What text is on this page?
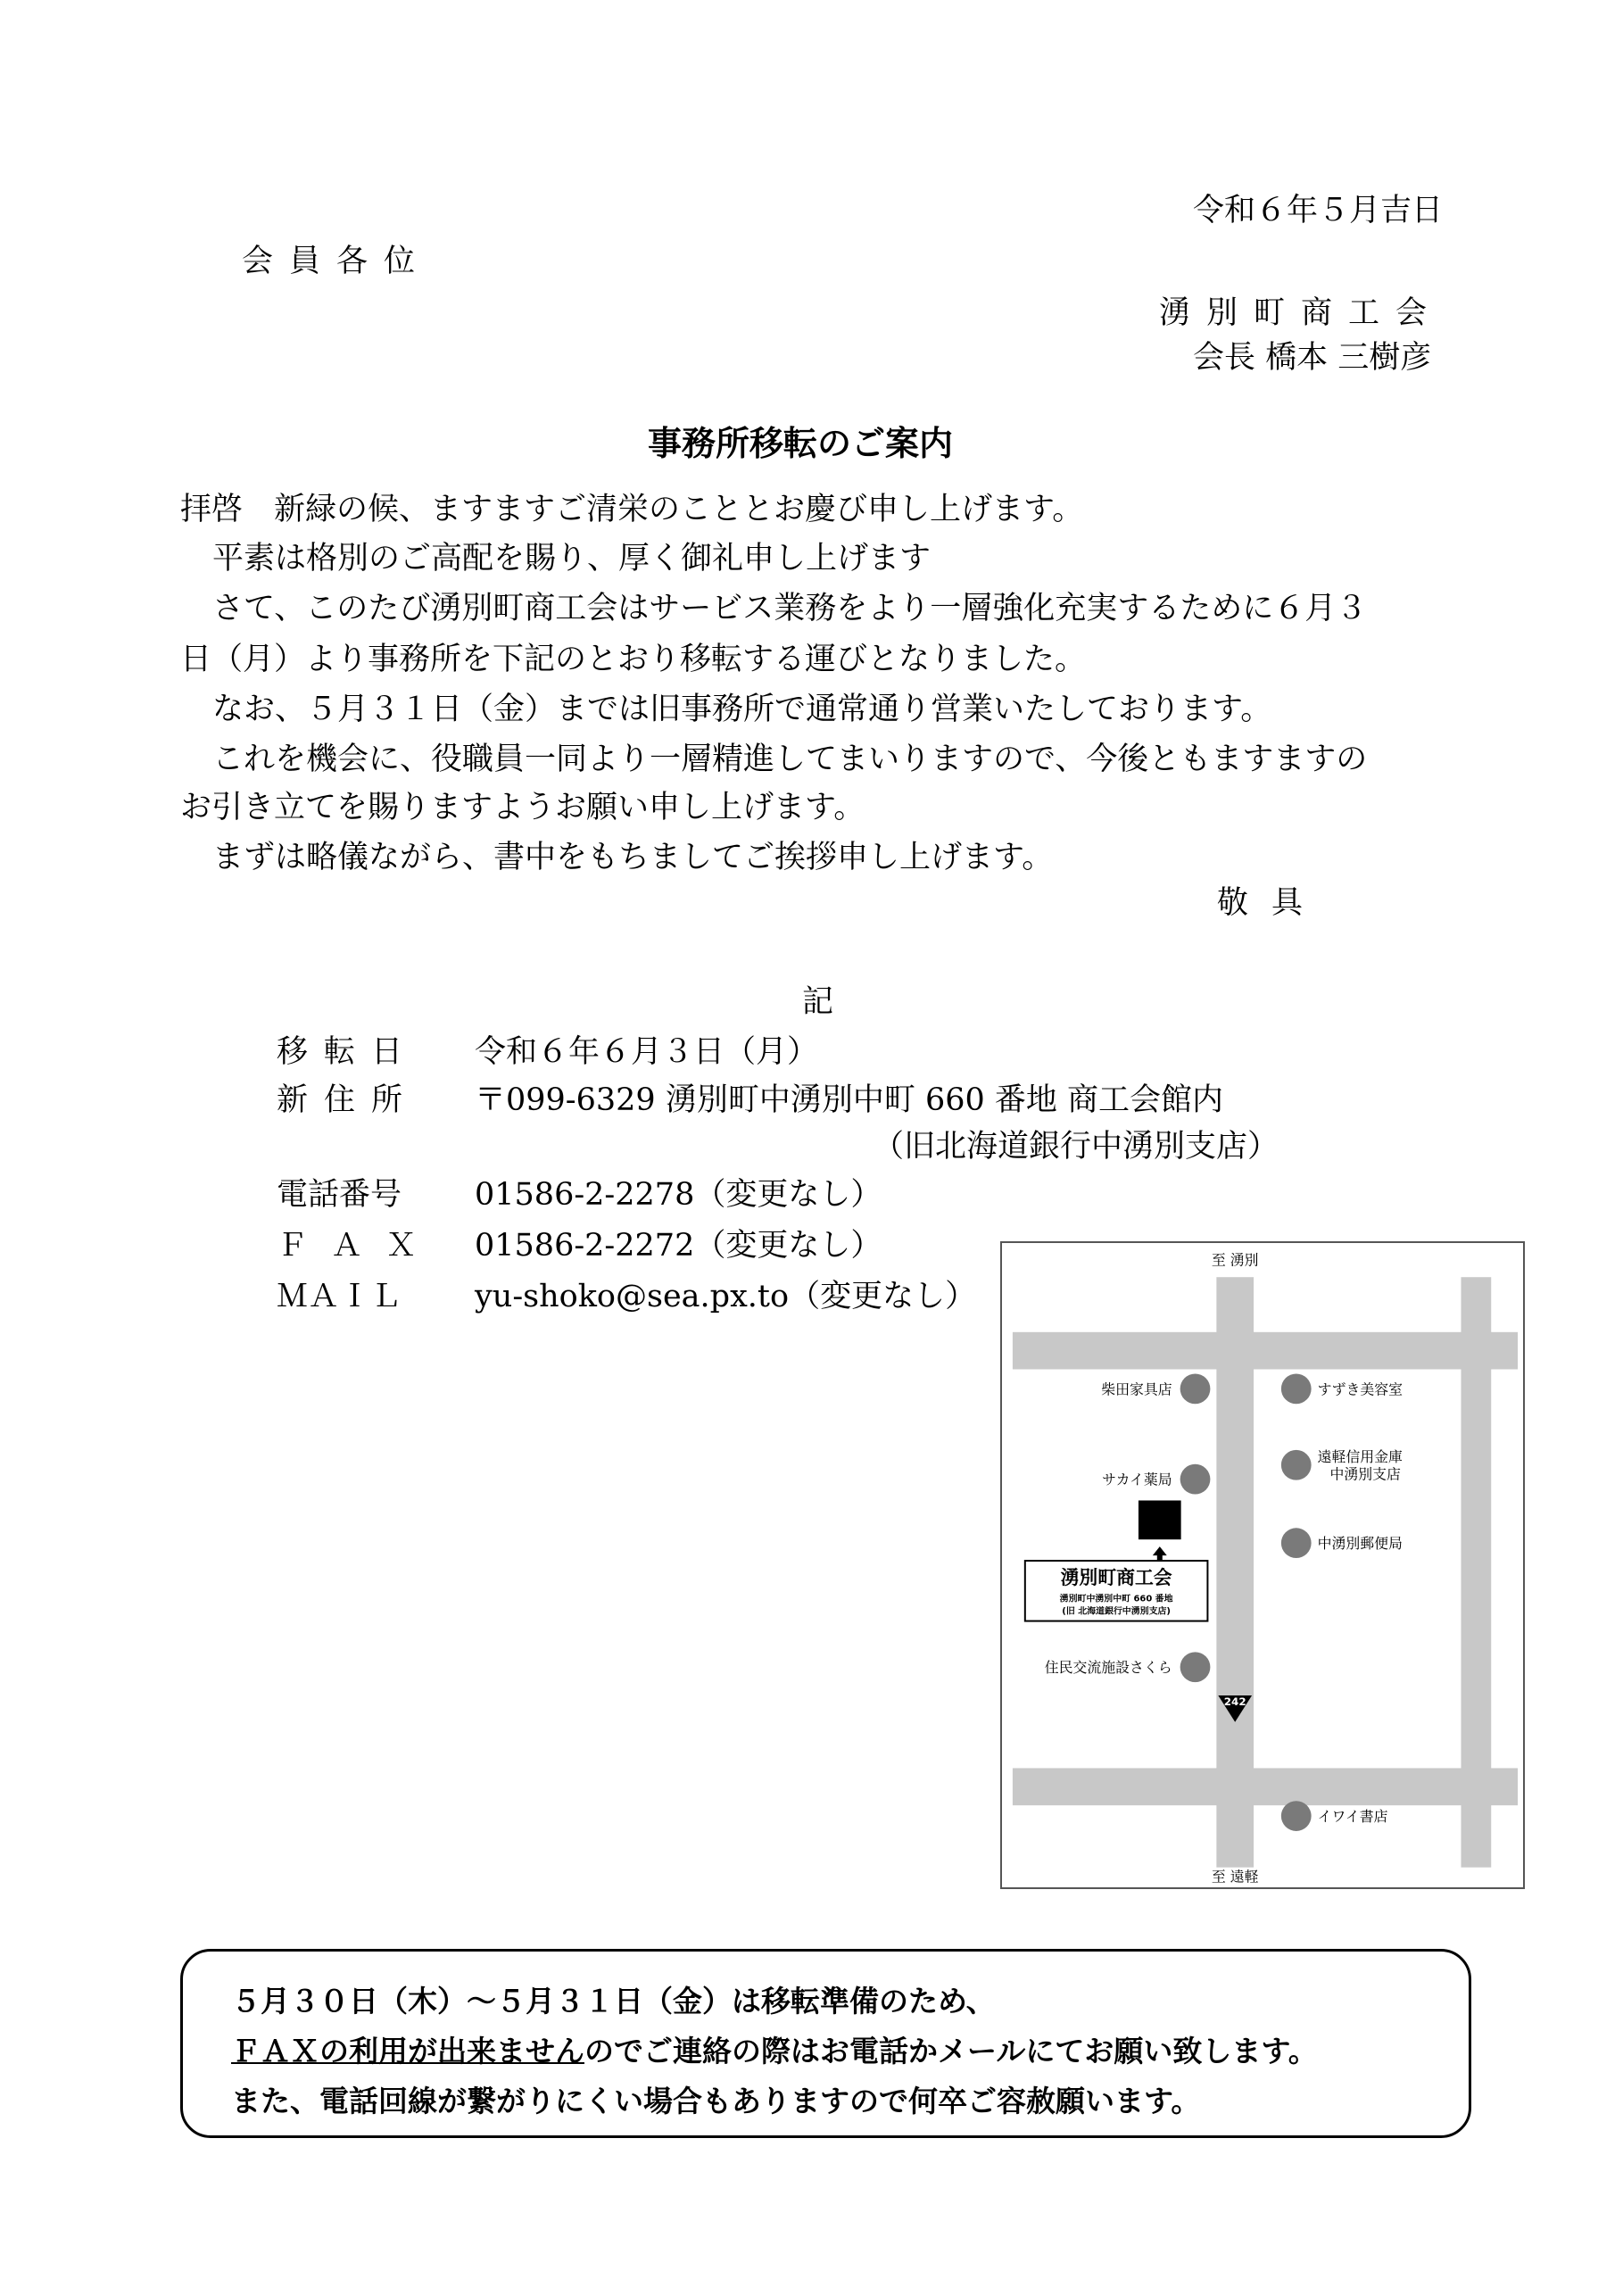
令和６年５月吉日
会員各位
湧別町商工会
会長 橋本 三樹彦
事務所移転のご案内
拝啓　新緑の候、ますますご清栄のこととお慶び申し上げます。
平素は格別のご高配を賜り、厚く御礼申し上げます
さて、このたび湧別町商工会はサービス業務をより一層強化充実するために６月３
日（月）より事務所を下記のとおり移転する運びとなりました。
なお、５月３１日（金）までは旧事務所で通常通り営業いたしております。
これを機会に、役職員一同より一層精進してまいりますので、今後ともますますの
お引き立てを賜りますようお願い申し上げます。
まずは略儀ながら、書中をもちましてご挨拶申し上げます。
敬具
記
移転日 令和６年６月３日（月）
新住所 〒099-6329 湧別町中湧別中町 660 番地 商工会館内
（旧北海道銀行中湧別支店）
電話番号 01586-2-2278（変更なし）
ＦＡＸ 01586-2-2272（変更なし）
ＭＡＩＬ yu-shoko@sea.px.to（変更なし）
至 湧別
至 遠軽
柴田家具店	すずき美容室
サカイ薬局
遠軽信用金庫
中湧別支店
中湧別郵便局
住民交流施設さくら
イワイ書店
湧別町商工会
湧別町中湧別中町 660 番地
(旧 北海道銀行中湧別支店)
242
５月３０日（木）～５月３１日（金）は移転準備のため、
ＦＡＸの利用が出来ませんのでご連絡の際はお電話かメールにてお願い致します。
また、電話回線が繋がりにくい場合もありますので何卒ご容赦願います。
